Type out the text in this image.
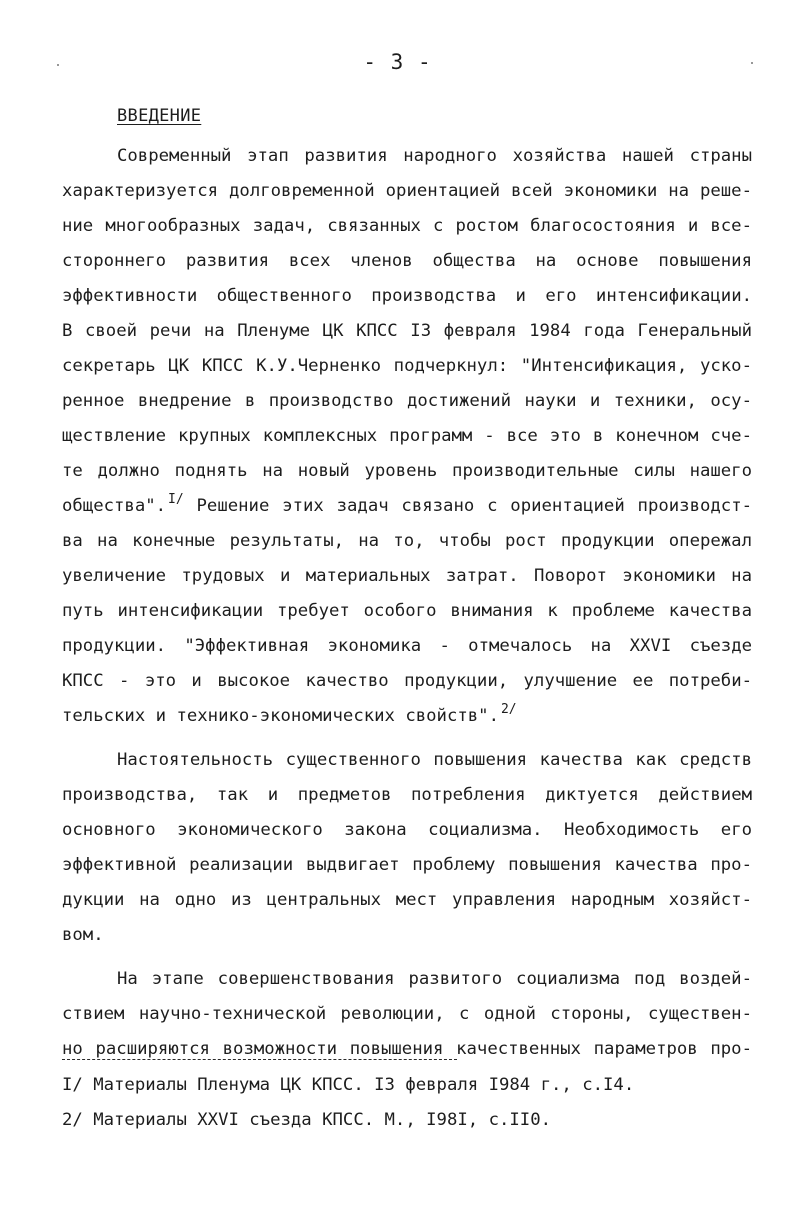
- 3 -
ВВЕДЕНИЕ
Современный этап развития народного хозяйства нашей страны
характеризуется долговременной ориентацией всей экономики на реше-
ние многообразных задач, связанных с ростом благосостояния и все-
стороннего развития всех членов общества на основе повышения
эффективности общественного производства и его интенсификации.
В своей речи на Пленуме ЦК КПСС I3 февраля 1984 года Генеральный
секретарь ЦК КПСС К.У.Черненко подчеркнул: "Интенсификация, уско-
ренное внедрение в производство достижений науки и техники, осу-
ществление крупных комплексных программ - все это в конечном сче-
те должно поднять на новый уровень производительные силы нашего
общества". $^{I/}$ Решение этих задач связано с ориентацией производст-
ва на конечные результаты, на то, чтобы рост продукции опережал
увеличение трудовых и материальных затрат. Поворот экономики на
путь интенсификации требует особого внимания к проблеме качества
продукции. "Эффективная экономика - отмечалось на XXVI съезде
КПСС - это и высокое качество продукции, улучшение ее потреби-
тельских и технико-экономических свойств". $^{2/}$
Настоятельность существенного повышения качества как средств
производства, так и предметов потребления диктуется действием
основного экономического закона социализма. Необходимость его
эффективной реализации выдвигает проблему повышения качества про-
дукции на одно из центральных мест управления народным хозяйст-
вом.
На этапе совершенствования развитого социализма под воздей-
ствием научно-технической революции, с одной стороны, существен-
но расширяются возможности повышения качественных параметров про-
I/ Материалы Пленума ЦК КПСС. I3 февраля I984 г., с.I4.
2/ Материалы XXVI съезда КПСС. М., I98I, с.II0.
